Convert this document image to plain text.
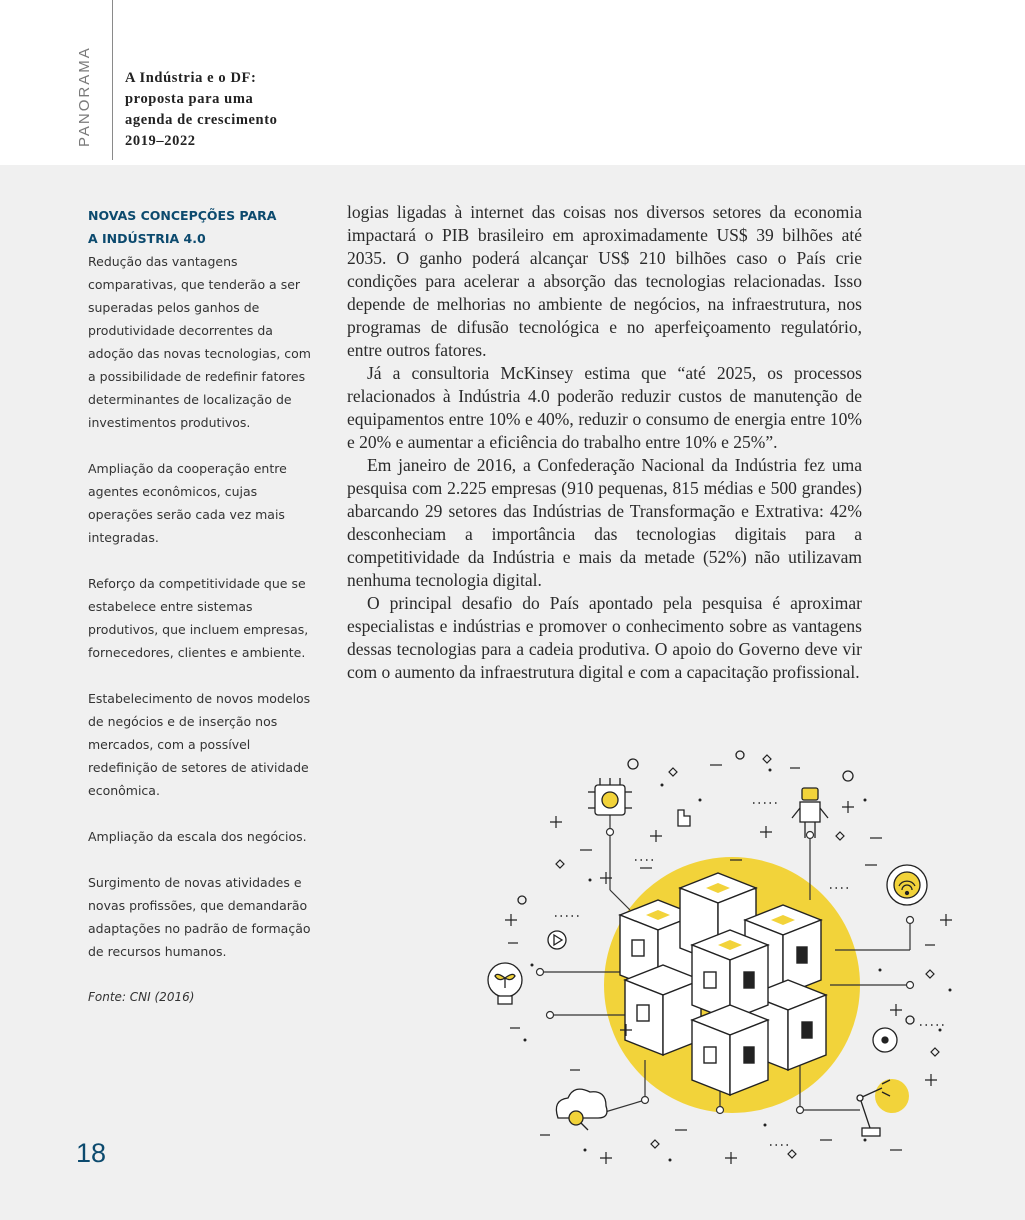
PANORAMA A Indústria e o DF:
proposta para uma
agenda de crescimento
2019–2022
NOVAS CONCEPÇÕES PARA
A INDÚSTRIA 4.0

Redução das vantagens comparativas, que tenderão a ser superadas pelos ganhos de produtividade decorrentes da adoção das novas tecnologias, com a possibilidade de redefinir fatores determinantes de localização de investimentos produtivos.

Ampliação da cooperação entre agentes econômicos, cujas operações serão cada vez mais integradas.

Reforço da competitividade que se estabelece entre sistemas produtivos, que incluem empresas, fornecedores, clientes e ambiente.

Estabelecimento de novos modelos de negócios e de inserção nos mercados, com a possível redefinição de setores de atividade econômica.

Ampliação da escala dos negócios.

Surgimento de novas atividades e novas profissões, que demandarão adaptações no padrão de formação de recursos humanos.

Fonte: CNI (2016)

logias ligadas à internet das coisas nos diversos setores da economia impactará o PIB brasileiro em aproximadamente US$ 39 bilhões até 2035. O ganho poderá alcançar US$ 210 bilhões caso o País crie condições para acelerar a absorção das tecnologias relacionadas. Isso depende de melhorias no ambiente de negócios, na infraestrutura, nos programas de difusão tecnológica e no aperfeiçoamento regulatório, entre outros fatores.

Já a consultoria McKinsey estima que “até 2025, os processos relacionados à Indústria 4.0 poderão reduzir custos de manutenção de equipamentos entre 10% e 40%, reduzir o consumo de energia entre 10% e 20% e aumentar a eficiência do trabalho entre 10% e 25%”.

Em janeiro de 2016, a Confederação Nacional da Indústria fez uma pesquisa com 2.225 empresas (910 pequenas, 815 médias e 500 grandes) abarcando 29 setores das Indústrias de Transformação e Extrativa: 42% desconheciam a importância das tecnologias digitais para a competitividade da Indústria e mais da metade (52%) não utilizavam nenhuma tecnologia digital.

O principal desafio do País apontado pela pesquisa é aproximar especialistas e indústrias e promover o conhecimento sobre as vantagens dessas tecnologias para a cadeia produtiva. O apoio do Governo deve vir com o aumento da infraestrutura digital e com a capacitação profissional.

18
